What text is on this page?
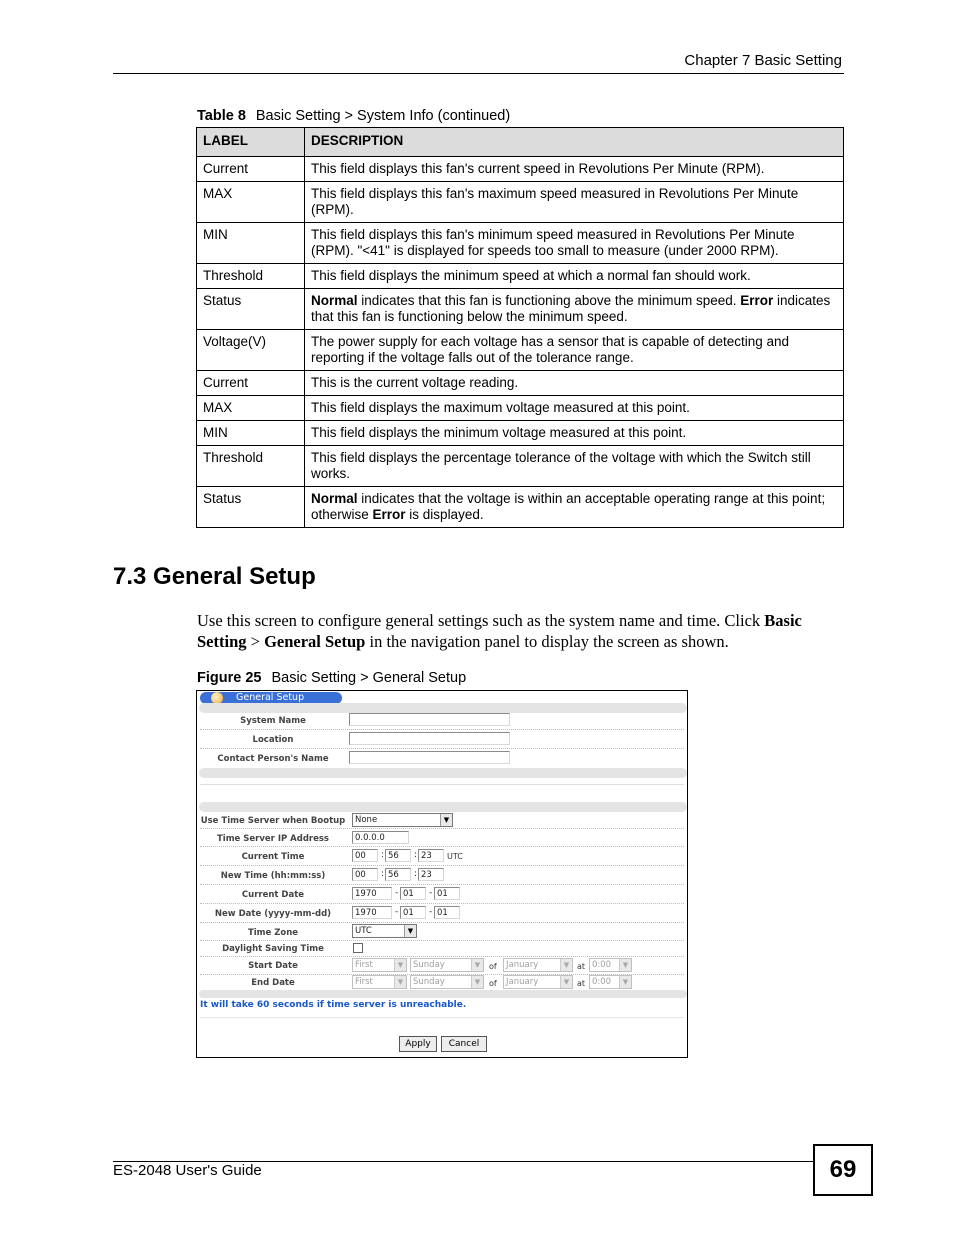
Chapter 7 Basic Setting
Table 8 Basic Setting > System Info (continued)
LABEL	DESCRIPTION
Current	This field displays this fan's current speed in Revolutions Per Minute (RPM).
MAX	This field displays this fan's maximum speed measured in Revolutions Per Minute (RPM).
MIN	This field displays this fan's minimum speed measured in Revolutions Per Minute (RPM). "<41" is displayed for speeds too small to measure (under 2000 RPM).
Threshold	This field displays the minimum speed at which a normal fan should work.
Status	Normal indicates that this fan is functioning above the minimum speed. Error indicates that this fan is functioning below the minimum speed.
Voltage(V)	The power supply for each voltage has a sensor that is capable of detecting and reporting if the voltage falls out of the tolerance range.
Current	This is the current voltage reading.
MAX	This field displays the maximum voltage measured at this point.
MIN	This field displays the minimum voltage measured at this point.
Threshold	This field displays the percentage tolerance of the voltage with which the Switch still works.
Status	Normal indicates that the voltage is within an acceptable operating range at this point; otherwise Error is displayed.
7.3 General Setup
Use this screen to configure general settings such as the system name and time. Click Basic Setting > General Setup in the navigation panel to display the screen as shown.
Figure 25 Basic Setting > General Setup
General Setup
System Name
Location
Contact Person's Name
Use Time Server when Bootup	None	▼
Time Server IP Address	0.0.0.0
Current Time	00	: 56	: 23	UTC
New Time (hh:mm:ss)	00	: 56	: 23
Current Date	1970	- 01	- 01
New Date (yyyy-mm-dd)	1970	- 01	- 01
Time Zone	UTC	▼
Daylight Saving Time
Start Date	First	▼	Sunday	▼	of	January	▼ at 0:00	▼
End Date	First	▼	Sunday	▼	of	January	▼ at 0:00	▼
It will take 60 seconds if time server is unreachable.
Apply	Cancel
ES-2048 User's Guide	69
